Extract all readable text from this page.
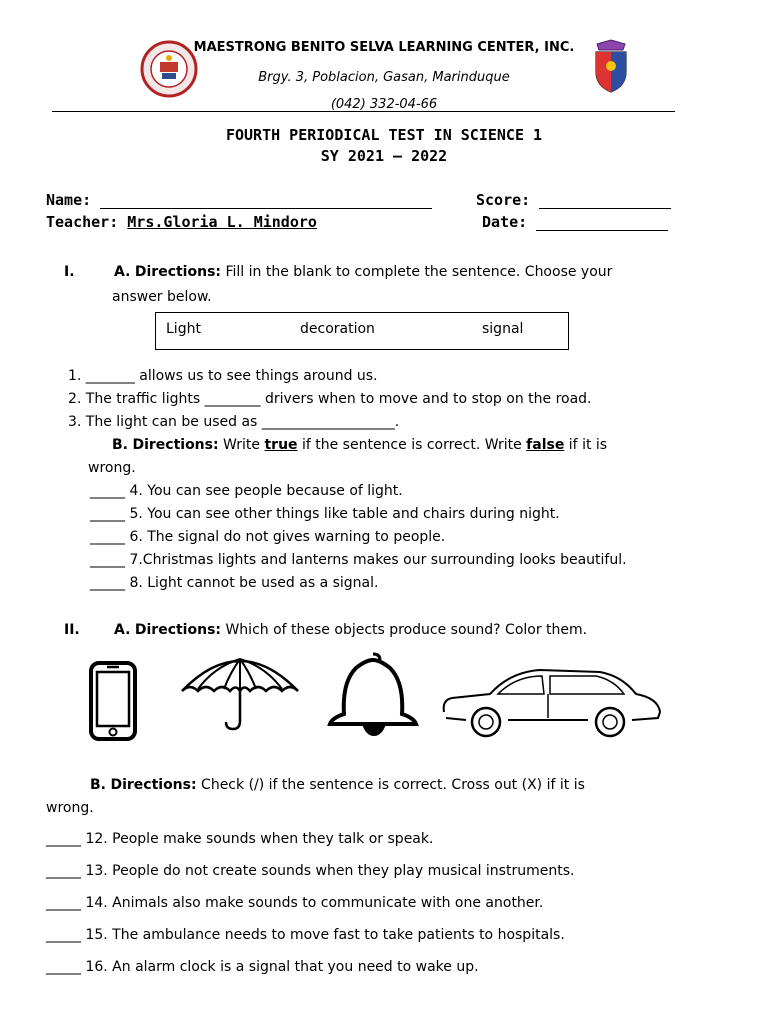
MAESTRONG BENITO SELVA LEARNING CENTER, INC.
Brgy. 3, Poblacion, Gasan, Marinduque
(042) 332-04-66
FOURTH PERIODICAL TEST IN SCIENCE 1
SY 2021 – 2022
Name:	Score:
Teacher: Mrs.Gloria L. Mindoro	Date:
I.	A. Directions: Fill in the blank to complete the sentence. Choose your
answer below.
Light	decoration	signal
1. _______ allows us to see things around us.
2. The traffic lights ________ drivers when to move and to stop on the road.
3. The light can be used as ___________________.
B. Directions: Write true if the sentence is correct. Write false if it is
wrong.
_____ 4. You can see people because of light.
_____ 5. You can see other things like table and chairs during night.
_____ 6. The signal do not gives warning to people.
_____ 7.Christmas lights and lanterns makes our surrounding looks beautiful.
_____ 8. Light cannot be used as a signal.
II. A. Directions: Which of these objects produce sound? Color them.
B. Directions: Check (/) if the sentence is correct. Cross out (X) if it is
wrong.
_____ 12. People make sounds when they talk or speak.
_____ 13. People do not create sounds when they play musical instruments.
_____ 14. Animals also make sounds to communicate with one another.
_____ 15. The ambulance needs to move fast to take patients to hospitals.
_____ 16. An alarm clock is a signal that you need to wake up.
